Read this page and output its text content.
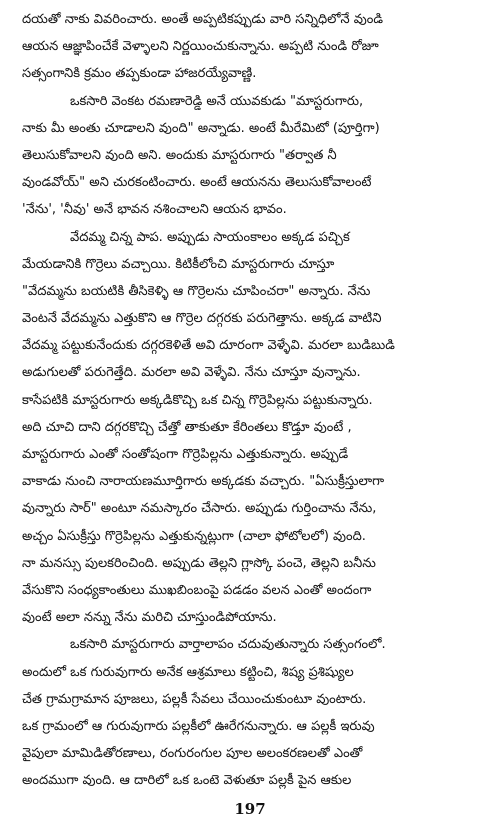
దయతో నాకు వివరించారు. అంతే అప్పటికప్పుడు వారి సన్నిధిలోనే వుండి
ఆయన ఆజ్ఞాపించేకే వెళ్ళాలని నిర్ణయించుకున్నాను. అప్పటి నుండి రోజూ
సత్సంగానికి క్రమం తప్పకుండా హాజరయ్యేవాణ్ణి.
ఒకసారి వెంకట రమణారెడ్డి అనే యువకుడు "మాస్టరుగారు,
నాకు మీ అంతు చూడాలని వుంది" అన్నాడు. అంటే మీరేమిటో (పూర్తిగా)
తెలుసుకోవాలని వుంది అని. అందుకు మాస్టరుగారు "తర్వాత నీ
వుండవోయ్" అని చురకంటించారు. అంటే ఆయనను తెలుసుకోవాలంటే
'నేను', 'నీవు' అనే భావన నశించాలని ఆయన భావం.
వేదమ్మ చిన్న పాప. అప్పుడు సాయంకాలం అక్కడ పచ్చిక
మేయడానికి గొర్రెలు వచ్చాయి. కిటికీలోంచి మాస్టరుగారు చూస్తూ
"వేదమ్మను బయటికి తీసికెళ్ళి ఆ గొర్రెలను చూపించరా" అన్నారు. నేను
వెంటనే వేదమ్మను ఎత్తుకొని ఆ గొర్రెల దగ్గరకు పరుగెత్తాను. అక్కడ వాటిని
వేదమ్మ పట్టుకునేందుకు దగ్గరకెళితే అవి దూరంగా వెళ్ళేవి. మరలా బుడిబుడి
అడుగులతో పరుగెత్తేది. మరలా అవి వెళ్ళేవి. నేను చూస్తూ వున్నాను.
కాసేపటికి మాస్టరుగారు అక్కడికొచ్చి ఒక చిన్న గొర్రెపిల్లను పట్టుకున్నారు.
అది చూచి దాని దగ్గరకొచ్చి చేత్తో తాకుతూ కేరింతలు కొడ్తూ వుంటే ,
మాస్టరుగారు ఎంతో సంతోషంగా గొర్రెపిల్లను ఎత్తుకున్నారు. అప్పుడే
వాకాడు నుంచి నారాయణమూర్తిగారు అక్కడకు వచ్చారు. "ఏసుక్రీస్తులాగా
వున్నారు సార్" అంటూ నమస్కారం చేసారు. అప్పుడు గుర్తించాను నేను,
అచ్చం ఏసుక్రీస్తు గొర్రెపిల్లను ఎత్తుకున్నట్లుగా (చాలా ఫోటోలలో) వుంది.
నా మనస్సు పులకరించింది. అప్పుడు తెల్లని గ్లాస్కో పంచె, తెల్లని బనీను
వేసుకొని సంధ్యకాంతులు ముఖబింబంపై పడడం వలన ఎంతో అందంగా
వుంటే అలా నన్ను నేను మరిచి చూస్తుండిపోయాను.
ఒకసారి మాస్టరుగారు వార్తాలాపం చదువుతున్నారు సత్సంగంలో.
అందులో ఒక గురువుగారు అనేక ఆశ్రమాలు కట్టించి, శిష్య ప్రశిష్యుల
చేత గ్రామగ్రామాన పూజలు, పల్లకీ సేవలు చేయించుకుంటూ వుంటారు.
ఒక గ్రామంలో ఆ గురువుగారు పల్లకీలో ఊరేగనున్నారు. ఆ పల్లకీ ఇరువు
వైపులా మామిడితోరణాలు, రంగురంగుల పూల అలంకరణలతో ఎంతో
అందముగా వుంది. ఆ దారిలో ఒక ఒంటె వెళుతూ పల్లకీ పైన ఆకుల
197
